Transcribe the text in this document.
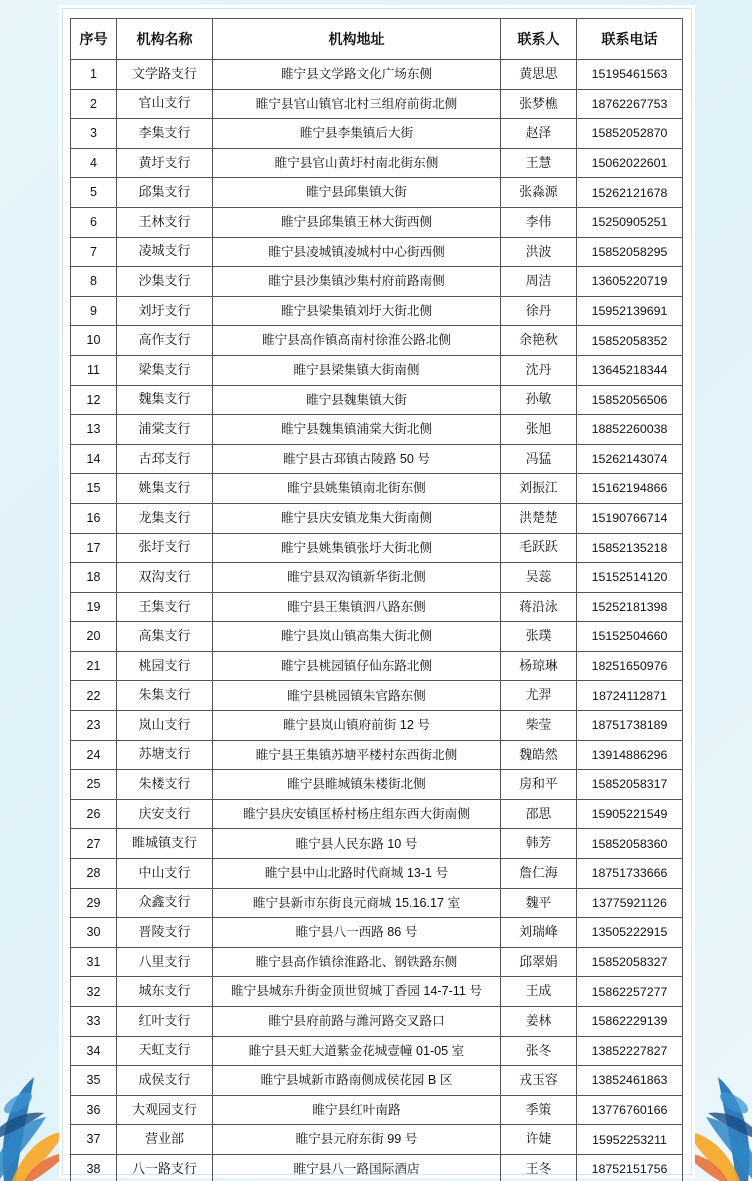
序号	机构名称	机构地址	联系人	联系电话
1	文学路支行	睢宁县文学路文化广场东侧	黄思思	15195461563
2	官山支行	睢宁县官山镇官北村三组府前街北侧	张梦樵	18762267753
3	李集支行	睢宁县李集镇后大街	赵泽	15852052870
4	黄圩支行	睢宁县官山黄圩村南北街东侧	王慧	15062022601
5	邱集支行	睢宁县邱集镇大街	张淼源	15262121678
6	王林支行	睢宁县邱集镇王林大街西侧	李伟	15250905251
7	凌城支行	睢宁县凌城镇凌城村中心街西侧	洪波	15852058295
8	沙集支行	睢宁县沙集镇沙集村府前路南侧	周洁	13605220719
9	刘圩支行	睢宁县梁集镇刘圩大街北侧	徐丹	15952139691
10	高作支行	睢宁县高作镇高南村徐淮公路北侧	余艳秋	15852058352
11	梁集支行	睢宁县梁集镇大街南侧	沈丹	13645218344
12	魏集支行	睢宁县魏集镇大街	孙敏	15852056506
13	浦棠支行	睢宁县魏集镇浦棠大街北侧	张旭	18852260038
14	古邳支行	睢宁县古邳镇古陵路 50 号	冯猛	15262143074
15	姚集支行	睢宁县姚集镇南北街东侧	刘振江	15162194866
16	龙集支行	睢宁县庆安镇龙集大街南侧	洪楚楚	15190766714
17	张圩支行	睢宁县姚集镇张圩大街北侧	毛跃跃	15852135218
18	双沟支行	睢宁县双沟镇新华街北侧	吴蕊	15152514120
19	王集支行	睢宁县王集镇泗八路东侧	蒋沿泳	15252181398
20	高集支行	睢宁县岚山镇高集大街北侧	张璞	15152504660
21	桃园支行	睢宁县桃园镇仔仙东路北侧	杨琼琳	18251650976
22	朱集支行	睢宁县桃园镇朱官路东侧	尤羿	18724112871
23	岚山支行	睢宁县岚山镇府前街 12 号	柴莹	18751738189
24	苏塘支行	睢宁县王集镇苏塘平楼村东西街北侧	魏皓然	13914886296
25	朱楼支行	睢宁县睢城镇朱楼街北侧	房和平	15852058317
26	庆安支行	睢宁县庆安镇匡桥村杨庄组东西大街南侧	邵思	15905221549
27	睢城镇支行	睢宁县人民东路 10 号	韩芳	15852058360
28	中山支行	睢宁县中山北路时代商城 13-1 号	詹仁海	18751733666
29	众鑫支行	睢宁县新市东街良元商城 15.16.17 室	魏平	13775921126
30	晋陵支行	睢宁县八一西路 86 号	刘瑞峰	13505222915
31	八里支行	睢宁县高作镇徐淮路北、钢铁路东侧	邱翠娟	15852058327
32	城东支行	睢宁县城东升街金顶世贸城丁香园 14-7-11 号	王成	15862257277
33	红叶支行	睢宁县府前路与潍河路交叉路口	姜林	15862229139
34	天虹支行	睢宁县天虹大道紫金花城壹幢 01-05 室	张冬	13852227827
35	成侯支行	睢宁县城新市路南侧成侯花园 B 区	戎玉容	13852461863
36	大观园支行	睢宁县红叶南路	季策	13776760166
37	营业部	睢宁县元府东街 99 号	许婕	15952253211
38	八一路支行	睢宁县八一路国际酒店	王冬	18752151756
